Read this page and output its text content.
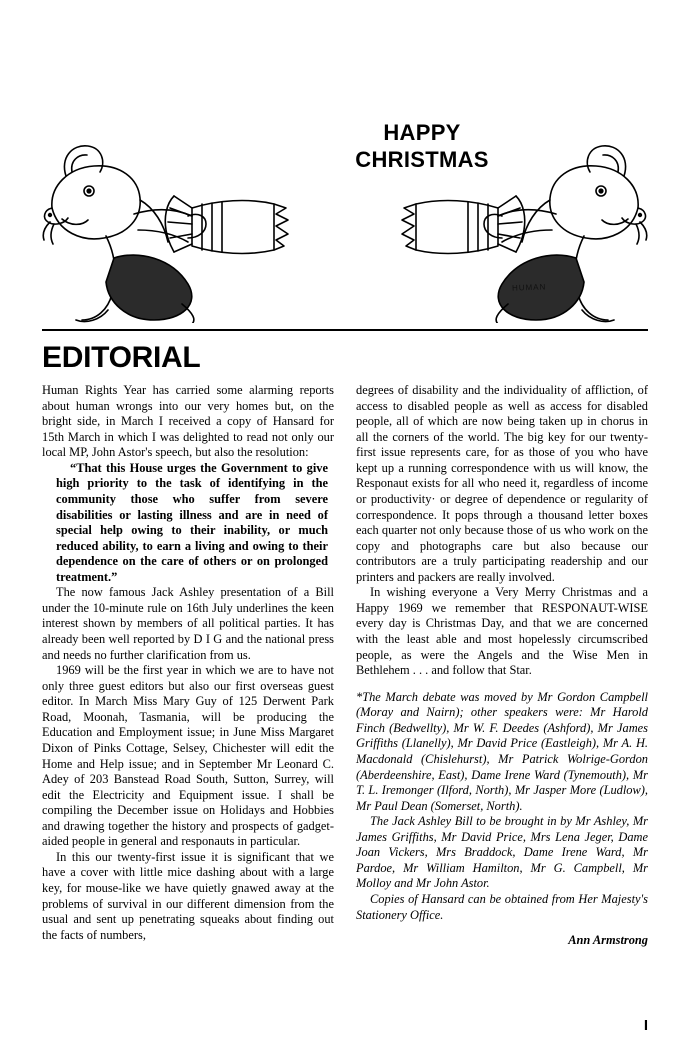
HAPPY
CHRISTMAS
HUMAN
EDITORIAL

Human Rights Year has carried some alarming reports about human wrongs into our very homes but, on the bright side, in March I received a copy of Hansard for 15th March in which I was delighted to read not only our local MP, John Astor's speech, but also the resolution:

“That this House urges the Government to give high priority to the task of identifying in the community those who suffer from severe disabilities or lasting illness and are in need of special help owing to their inability, or much reduced ability, to earn a living and owing to their dependence on the care of others or on prolonged treatment.”

The now famous Jack Ashley presentation of a Bill under the 10-minute rule on 16th July underlines the keen interest shown by members of all political parties. It has already been well reported by D I G and the national press and needs no further clarification from us.

1969 will be the first year in which we are to have not only three guest editors but also our first overseas guest editor. In March Miss Mary Guy of 125 Derwent Park Road, Moonah, Tasmania, will be producing the Education and Employment issue; in June Miss Margaret Dixon of Pinks Cottage, Selsey, Chichester will edit the Home and Help issue; and in September Mr Leonard C. Adey of 203 Banstead Road South, Sutton, Surrey, will edit the Electricity and Equipment issue. I shall be compiling the December issue on Holidays and Hobbies and drawing together the history and prospects of gadget-aided people in general and responauts in particular.

In this our twenty-first issue it is significant that we have a cover with little mice dashing about with a large key, for mouse-like we have quietly gnawed away at the problems of survival in our different dimension from the usual and sent up penetrating squeaks about finding out the facts of numbers,

degrees of disability and the individuality of affliction, of access to disabled people as well as access for disabled people, all of which are now being taken up in chorus in all the corners of the world. The big key for our twenty-first issue represents care, for as those of you who have kept up a running correspondence with us will know, the Responaut exists for all who need it, regardless of income or productivity· or degree of dependence or regularity of correspondence. It pops through a thousand letter boxes each quarter not only because those of us who work on the copy and photographs care but also because our contributors are a truly participating readership and our printers and packers are really involved.

In wishing everyone a Very Merry Christmas and a Happy 1969 we remember that RESPONAUT-WISE every day is Christmas Day, and that we are concerned with the least able and most hopelessly circumscribed people, as were the Angels and the Wise Men in Bethlehem . . . and follow that Star.

*The March debate was moved by Mr Gordon Campbell (Moray and Nairn); other speakers were: Mr Harold Finch (Bedwellty), Mr W. F. Deedes (Ashford), Mr James Griffiths (Llanelly), Mr David Price (Eastleigh), Mr A. H. Macdonald (Chislehurst), Mr Patrick Wolrige-Gordon (Aberdeenshire, East), Dame Irene Ward (Tynemouth), Mr T. L. Iremonger (Ilford, North), Mr Jasper More (Ludlow), Mr Paul Dean (Somerset, North).

The Jack Ashley Bill to be brought in by Mr Ashley, Mr James Griffiths, Mr David Price, Mrs Lena Jeger, Dame Joan Vickers, Mrs Braddock, Dame Irene Ward, Mr Pardoe, Mr William Hamilton, Mr G. Campbell, Mr Molloy and Mr John Astor.

Copies of Hansard can be obtained from Her Majesty's Stationery Office.

Ann Armstrong
I
